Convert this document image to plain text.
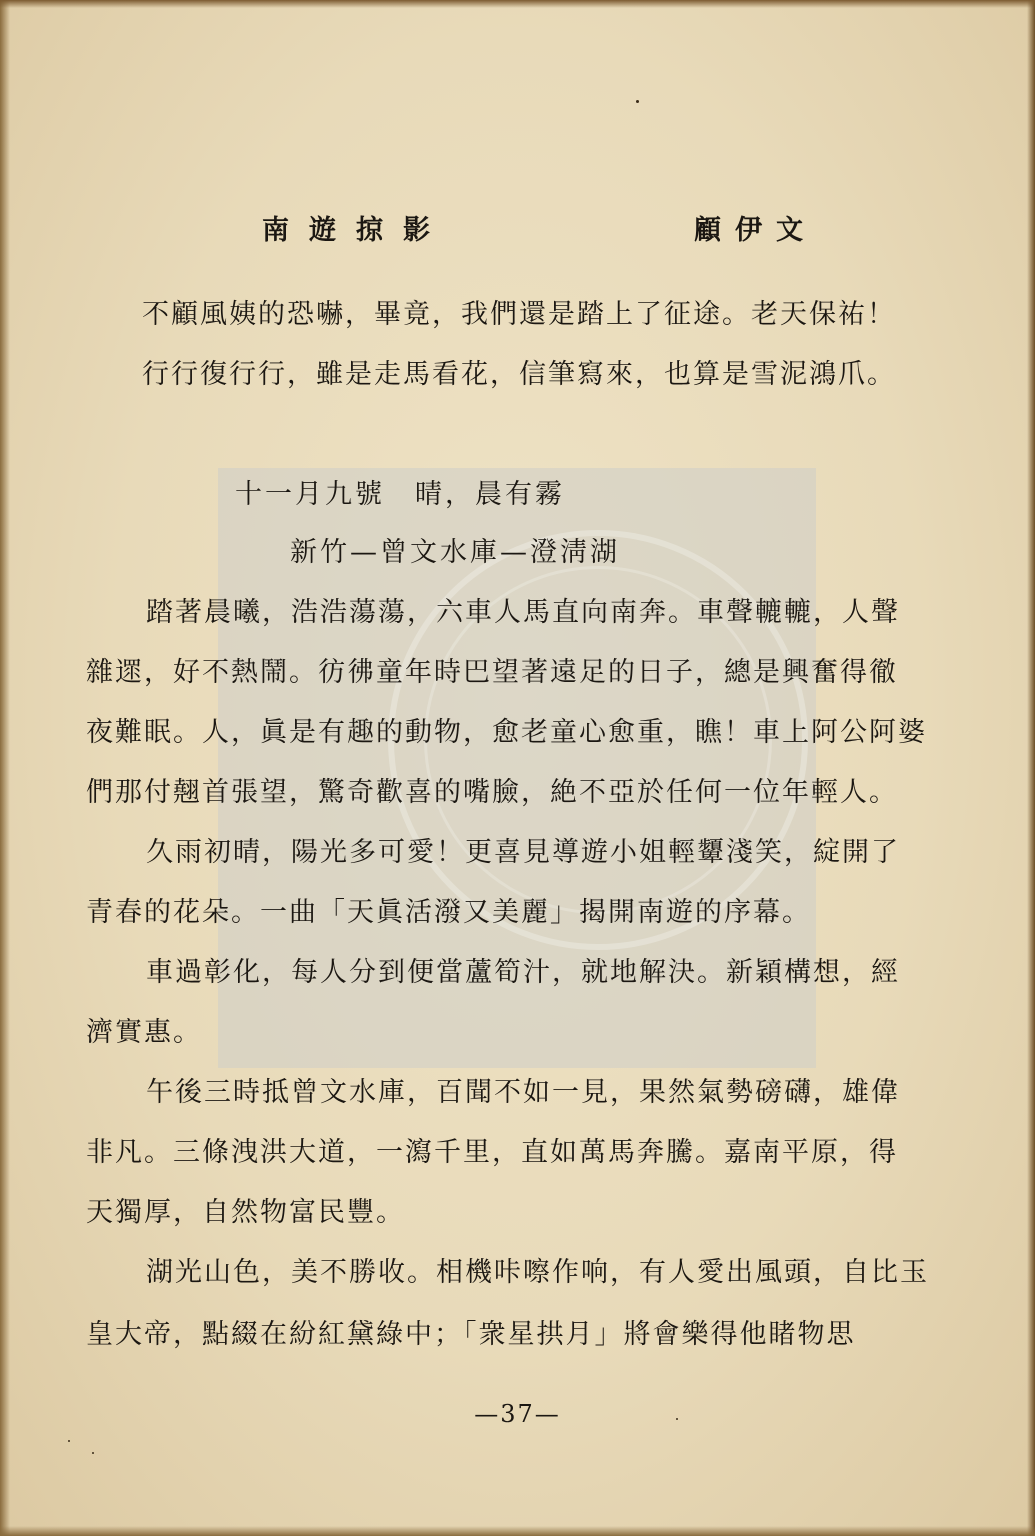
南遊掠影	顧伊文
不顧風姨的恐嚇，畢竟，我們還是踏上了征途。老天保祐！
行行復行行，雖是走馬看花，信筆寫來，也算是雪泥鴻爪。
十一月九號　晴，晨有霧
新竹—曾文水庫—澄淸湖
踏著晨曦，浩浩蕩蕩，六車人馬直向南奔。車聲轆轆，人聲
雜遝，好不熱鬧。彷彿童年時巴望著遠足的日子，總是興奮得徹
夜難眠。人，眞是有趣的動物，愈老童心愈重，瞧！車上阿公阿婆
們那付翹首張望，驚奇歡喜的嘴臉，絶不亞於任何一位年輕人。
久雨初晴，陽光多可愛！更喜見導遊小姐輕顰淺笑，綻開了
青春的花朵。一曲「天眞活潑又美麗」揭開南遊的序幕。
車過彰化，每人分到便當蘆筍汁，就地解決。新穎構想，經
濟實惠。
午後三時抵曾文水庫，百聞不如一見，果然氣勢磅礴，雄偉
非凡。三條洩洪大道，一瀉千里，直如萬馬奔騰。嘉南平原，得
天獨厚，自然物富民豐。
湖光山色，美不勝收。相機咔嚓作响，有人愛出風頭，自比玉
皇大帝，點綴在紛紅黛綠中；「衆星拱月」將會樂得他睹物思
—37—
